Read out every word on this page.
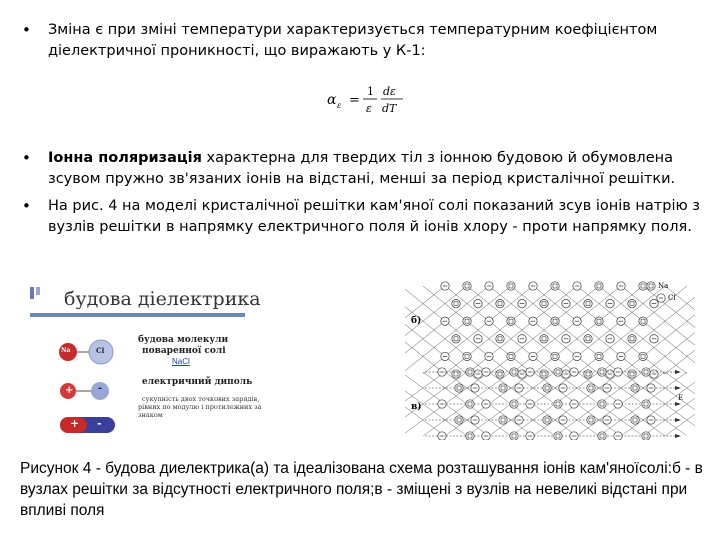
• Зміна є при зміні температури характеризується температурним коефіцієнтом діелектричної проникності, що виражають у К-1:
α ε =
1
ε
dε
dT
• Іонна поляризація характерна для твердих тіл з іонною будовою й обумовлена зсувом пружно зв'язаних іонів на відстані, менші за період кристалічної решітки.
• На рис. 4 на моделі кристалічної решітки кам'яної солі показаний зсув іонів натрію з вузлів решітки в напрямку електричного поля й іонів хлору - проти напрямку поля.
будова діелектрика
Na	Cl
+ -
+ -
будова молекули
поваренної солі
NaCl
електричний диполь
сукупність двох точкових зарядів,
рівних по модулю і протилежних за знаком
б)
в)
Na
Cl
E
Рисунок 4 - будова диелектрика(а) та ідеалізована схема розташування іонів кам'яноїсолі:б - в вузлах решітки за відсутності електричного поля;в - зміщені з вузлів на невеликі відстані при впливі поля
